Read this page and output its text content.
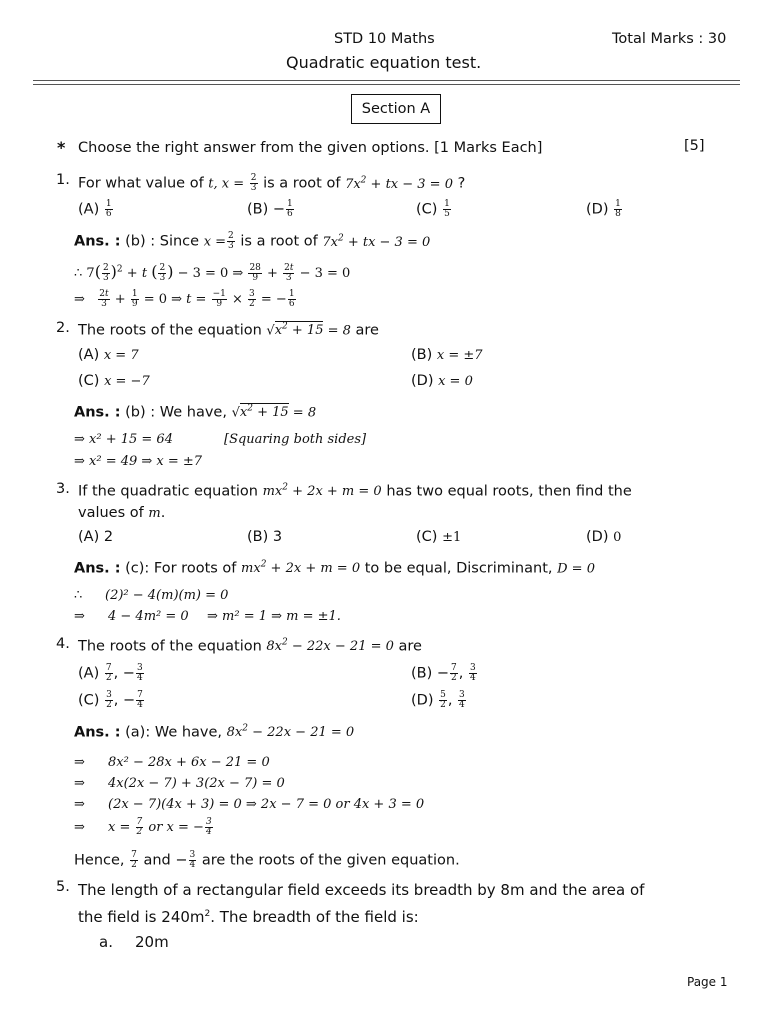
STD 10 Maths	Total Marks : 30
Quadratic equation test.
Section A
* Choose the right answer from the given options. [1 Marks Each]	[5]
1. For what value of t, $x = \frac{2}{3}$ is a root of $7x^2$ + tx − 3 = 0 ?
$(A) \frac{1}{6}$	$(B) - \frac{1}{6}$	$(C) \frac{1}{5}$	$(D) \frac{1}{8}$
Ans. : (b) : Since $x = \frac{2}{3}$ is a root of $7x^2$ + tx − 3 = 0
∴ $7( \frac{2}{3} )^2 + t$ ( $\frac{2}{3}$ ) − 3 = 0 ⇒ $\frac{28}{9} + \frac{2t}{3} - 3 = 0$
⇒ $\frac{2t}{3} + \frac{1}{9} = 0$ ⇒ $t = \frac{-1}{9} \times \frac{3}{2}$ = − $\frac{1}{6}$
2. The roots of the equation $√x^2 + 15 = 8$ are
(A) x = 7	(B) x = ±7
(C) x = −7	(D) x = 0
Ans. : (b) : We have, $√x^2 + 15 = 8$
⇒ x² + 15 = 64	[Squaring both sides]
⇒ x² = 49 ⇒ x = ±7
3. If the quadratic equation $mx^2 + 2x + m = 0$ has two equal roots, then find the
values of m.
(A) 2	(B) 3	(C) ±1	(D) 0
Ans. : (c): For roots of $mx^2 + 2x + m = 0$ to be equal, Discriminant, D = 0
∴ (2)² − 4(m)(m) = 0
⇒ 4 − 4m² = 0 ⇒ m² = 1 ⇒ m = ±1.
4. The roots of the equation $8x^2 - 22x - 21 = 0$ are
$(A) \frac{7}{2}$ , − $\frac{3}{4}$	$(B) - \frac{7}{2}$ , $\frac{3}{4}$
$(C) \frac{3}{2}$ , − $\frac{7}{4}$	$(D) \frac{5}{2}$ , $\frac{3}{4}$
Ans. : (a): We have, $8x^2 - 22x - 21 = 0$
⇒ 8x² − 28x + 6x − 21 = 0
⇒ 4x(2x − 7) + 3(2x − 7) = 0
⇒ (2x − 7)(4x + 3) = 0 ⇒ 2x − 7 = 0 or 4x + 3 = 0
⇒ $x = \frac{7}{2}$ or x = − $\frac{3}{4}$
Hence, $\frac{7}{2}$ and − $\frac{3}{4}$ are the roots of the given equation.
5. The length of a rectangular field exceeds its breadth by 8m and the area of
the field is $240m^2$. The breadth of the field is:
a. 20m
Page 1
